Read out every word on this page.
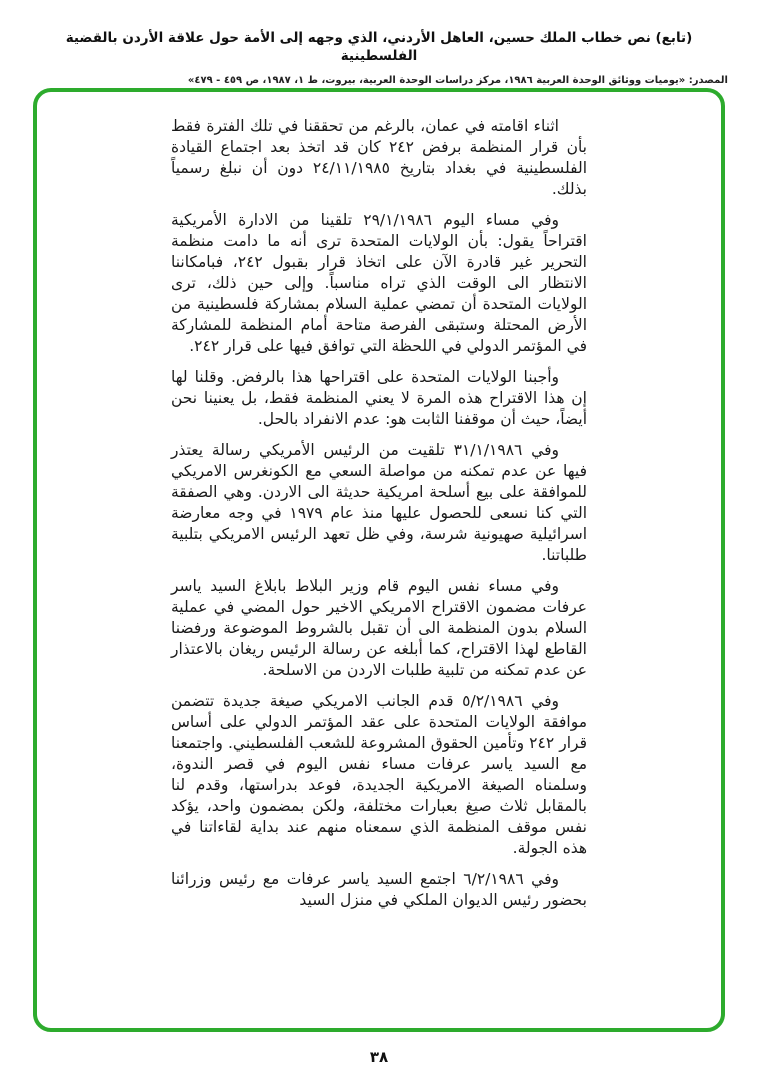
(تابع) نص خطاب الملك حسين، العاهل الأردني، الذي وجهه إلى الأمة حول علاقة الأردن بالقضية الفلسطينية
المصدر: «يوميات ووثائق الوحدة العربية ١٩٨٦، مركز دراسات الوحدة العربية، بيروت، ط ١، ١٩٨٧، ص ٤٥٩ - ٤٧٩»

اثناء اقامته في عمان، بالرغم من تحققنا في تلك الفترة فقط بأن قرار المنظمة برفض ٢٤٢ كان قد اتخذ بعد اجتماع القيادة الفلسطينية في بغداد بتاريخ ٢٤/١١/١٩٨٥ دون أن نبلغ رسمياً بذلك.

وفي مساء اليوم ٢٩/١/١٩٨٦ تلقينا من الادارة الأمريكية اقتراحاً يقول: بأن الولايات المتحدة ترى أنه ما دامت منظمة التحرير غير قادرة الآن على اتخاذ قرار بقبول ٢٤٢، فبامكاننا الانتظار الى الوقت الذي تراه مناسباً. وإلى حين ذلك، ترى الولايات المتحدة أن تمضي عملية السلام بمشاركة فلسطينية من الأرض المحتلة وستبقى الفرصة متاحة أمام المنظمة للمشاركة في المؤتمر الدولي في اللحظة التي توافق فيها على قرار ٢٤٢.

وأجبنا الولايات المتحدة على اقتراحها هذا بالرفض. وقلنا لها إن هذا الاقتراح هذه المرة لا يعني المنظمة فقط، بل يعنينا نحن أيضاً، حيث أن موقفنا الثابت هو: عدم الانفراد بالحل.

وفي ٣١/١/١٩٨٦ تلقيت من الرئيس الأمريكي رسالة يعتذر فيها عن عدم تمكنه من مواصلة السعي مع الكونغرس الامريكي للموافقة على بيع أسلحة امريكية حديثة الى الاردن. وهي الصفقة التي كنا نسعى للحصول عليها منذ عام ١٩٧٩ في وجه معارضة اسرائيلية صهيونية شرسة، وفي ظل تعهد الرئيس الامريكي بتلبية طلباتنا.

وفي مساء نفس اليوم قام وزير البلاط بابلاغ السيد ياسر عرفات مضمون الاقتراح الامريكي الاخير حول المضي في عملية السلام بدون المنظمة الى أن تقبل بالشروط الموضوعة ورفضنا القاطع لهذا الاقتراح، كما أبلغه عن رسالة الرئيس ريغان بالاعتذار عن عدم تمكنه من تلبية طلبات الاردن من الاسلحة.

وفي ٥/٢/١٩٨٦ قدم الجانب الامريكي صيغة جديدة تتضمن موافقة الولايات المتحدة على عقد المؤتمر الدولي على أساس قرار ٢٤٢ وتأمين الحقوق المشروعة للشعب الفلسطيني. واجتمعنا مع السيد ياسر عرفات مساء نفس اليوم في قصر الندوة، وسلمناه الصيغة الامريكية الجديدة، فوعد بدراستها، وقدم لنا بالمقابل ثلاث صيغ بعبارات مختلفة، ولكن بمضمون واحد، يؤكد نفس موقف المنظمة الذي سمعناه منهم عند بداية لقاءاتنا في هذه الجولة.

وفي ٦/٢/١٩٨٦ اجتمع السيد ياسر عرفات مع رئيس وزرائنا بحضور رئيس الديوان الملكي في منزل السيد

٣٨
